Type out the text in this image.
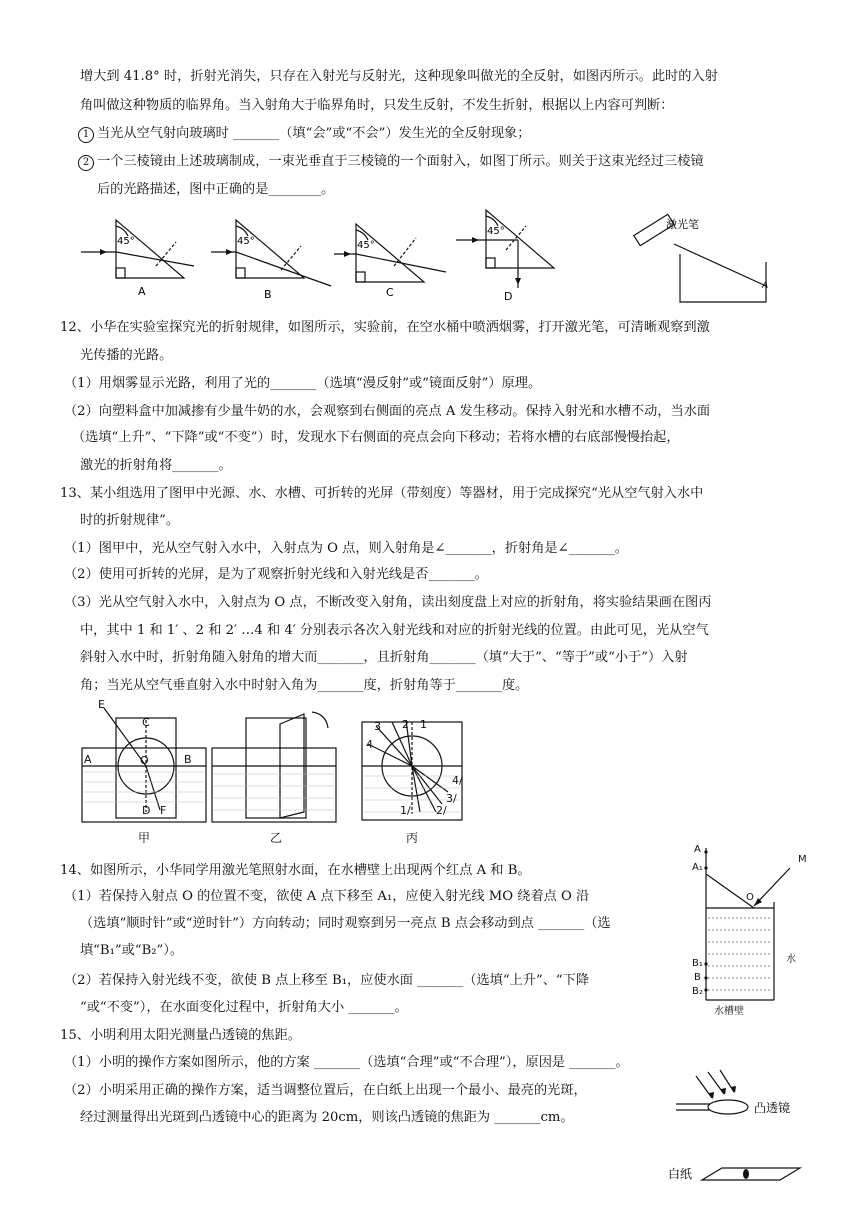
增大到 41.8° 时，折射光消失，只存在入射光与反射光，这种现象叫做光的全反射，如图丙所示。此时的入射
角叫做这种物质的临界角。当入射角大于临界角时，只发生反射，不发生折射，根据以上内容可判断：
1 当光从空气射向玻璃时 _______（填“会”或“不会”）发生光的全反射现象；
2 一个三棱镜由上述玻璃制成，一束光垂直于三棱镜的一个面射入，如图丁所示。则关于这束光经过三棱镜
后的光路描述，图中正确的是________。
45°	45°	45°
45°
A	B	C	D
激光笔
A
12、小华在实验室探究光的折射规律，如图所示，实验前，在空水桶中喷洒烟雾，打开激光笔，可清晰观察到激
光传播的光路。
（1）用烟雾显示光路，利用了光的_______（选填“漫反射”或“镜面反射”）原理。
（2）向塑料盒中加减掺有少量牛奶的水，会观察到右侧面的亮点 A 发生移动。保持入射光和水槽不动，当水面
（选填“上升”、“下降”或“不变”）时，发现水下右侧面的亮点会向下移动；若将水槽的右底部慢慢抬起，
激光的折射角将_______。
13、某小组选用了图甲中光源、水、水槽、可折转的光屏（带刻度）等器材，用于完成探究“光从空气射入水中
时的折射规律”。
（1）图甲中，光从空气射入水中，入射点为 O 点，则入射角是∠_______，折射角是∠_______。
（2）使用可折转的光屏，是为了观察折射光线和入射光线是否_______。
（3）光从空气射入水中，入射点为 O 点，不断改变入射角，读出刻度盘上对应的折射角，将实验结果画在图丙
中，其中 1 和 1′ 、2 和 2′ …4 和 4′ 分别表示各次入射光线和对应的折射光线的位置。由此可见，光从空气
斜射入水中时，折射角随入射角的增大而_______，且折射角_______（填“大于”、“等于”或“小于”）入射
角；当光从空气垂直射入水中时射入角为_______度，折射角等于_______度。
E
C
A	O	B
D F
3 2 1
4
4/
3/
2/
1/
甲	乙	丙
14、如图所示，小华同学用激光笔照射水面，在水槽壁上出现两个红点 A 和 B。
（1）若保持入射点 O 的位置不变，欲使 A 点下移至 A₁，应使入射光线 MO 绕着点 O 沿
（选填“顺时针”或“逆时针”）方向转动；同时观察到另一亮点 B 点会移动到点 _______（选
填“B₁”或“B₂”）。
（2）若保持入射光线不变，欲使 B 点上移至 B₁，应使水面 _______（选填“上升”、“下降
“或“不变”），在水面变化过程中，折射角大小 _______。
15、小明利用太阳光测量凸透镜的焦距。
（1）小明的操作方案如图所示，他的方案 _______（选填“合理”或“不合理”），原因是 _______。
（2）小明采用正确的操作方案，适当调整位置后，在白纸上出现一个最小、最亮的光斑，
经过测量得出光斑到凸透镜中心的距离为 20cm，则该凸透镜的焦距为 _______cm。
A
A₁
M
O
B₁
B
B₂
水
水槽壁
凸透镜
白纸
